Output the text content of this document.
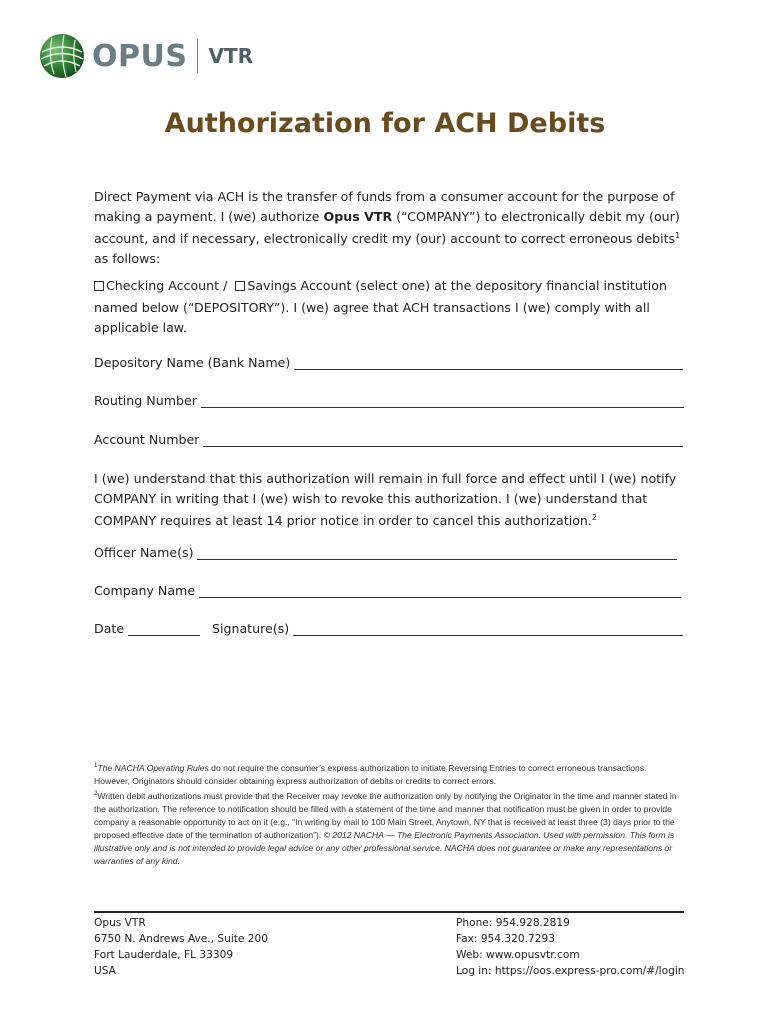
OPUS VTR
Authorization for ACH Debits
Direct Payment via ACH is the transfer of funds from a consumer account for the purpose of making a payment. I (we) authorize Opus VTR (“COMPANY”) to electronically debit my (our) account, and if necessary, electronically credit my (our) account to correct erroneous debits$^1$ as follows:
Checking Account / Savings Account (select one) at the depository financial institution
named below (“DEPOSITORY”). I (we) agree that ACH transactions I (we) comply with all applicable law.
Depository Name (Bank Name)
Routing Number
Account Number
I (we) understand that this authorization will remain in full force and effect until I (we) notify COMPANY in writing that I (we) wish to revoke this authorization. I (we) understand that COMPANY requires at least 14 prior notice in order to cancel this authorization.$^2$
Officer Name(s)
Company Name
Date	Signature(s)
$^1$The NACHA Operating Rules do not require the consumer’s express authorization to initiate Reversing Entries to correct erroneous transactions. However, Originators should consider obtaining express authorization of debits or credits to correct errors.
$^2$Written debit authorizations must provide that the Receiver may revoke the authorization only by notifying the Originator in the time and manner stated in the authorization. The reference to notification should be filled with a statement of the time and manner that notification must be given in order to provide company a reasonable opportunity to act on it (e.g., “In writing by mail to 100 Main Street, Anytown, NY that is received at least three (3) days prior to the proposed effective date of the termination of authorization”). © 2012 NACHA — The Electronic Payments Association. Used with permission. This form is illustrative only and is not intended to provide legal advice or any other professional service. NACHA does not guarantee or make any representations or warranties of any kind.
Opus VTR
6750 N. Andrews Ave., Suite 200
Fort Lauderdale, FL 33309
USA
Phone: 954.928.2819
Fax: 954.320.7293
Web: www.opusvtr.com
Log in: https://oos.express-pro.com/#/login
